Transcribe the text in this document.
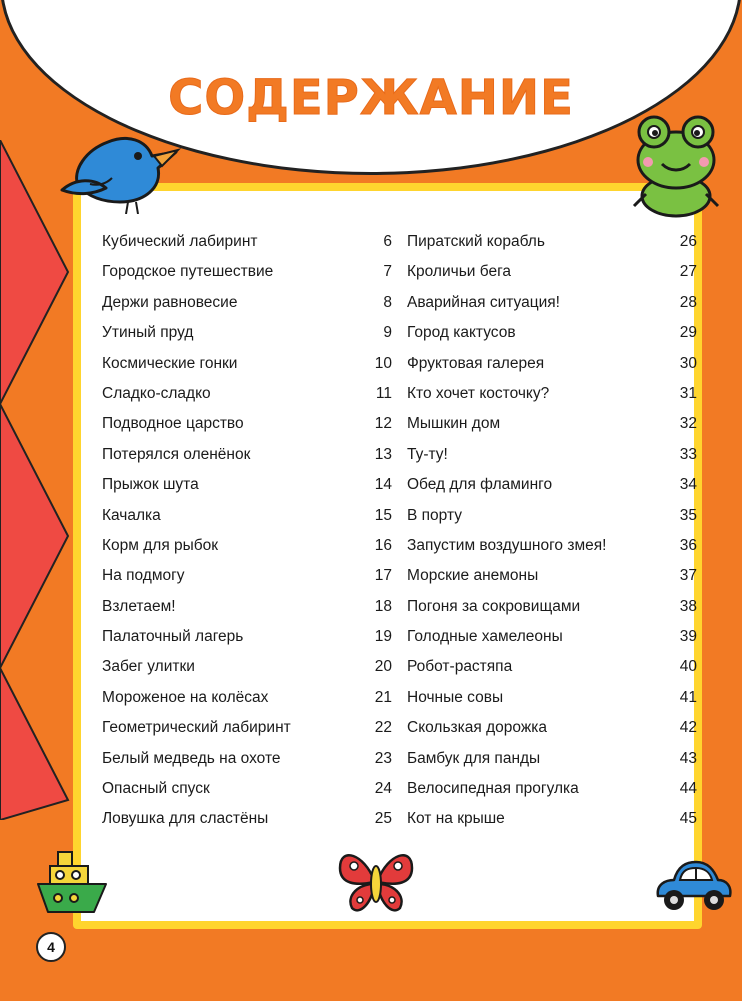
СОДЕРЖАНИЕ
Кубический лабиринт	6
Городское путешествие	7
Держи равновесие	8
Утиный пруд	9
Космические гонки	10
Сладко-сладко	11
Подводное царство	12
Потерялся оленёнок	13
Прыжок шута	14
Качалка	15
Корм для рыбок	16
На подмогу	17
Взлетаем!	18
Палаточный лагерь	19
Забег улитки	20
Мороженое на колёсах	21
Геометрический лабиринт	22
Белый медведь на охоте	23
Опасный спуск	24
Ловушка для сластёны	25
Пиратский корабль	26
Кроличьи бега	27
Аварийная ситуация!	28
Город кактусов	29
Фруктовая галерея	30
Кто хочет косточку?	31
Мышкин дом	32
Ту-ту!	33
Обед для фламинго	34
В порту	35
Запустим воздушного змея!	36
Морские анемоны	37
Погоня за сокровищами	38
Голодные хамелеоны	39
Робот-растяпа	40
Ночные совы	41
Скользкая дорожка	42
Бамбук для панды	43
Велосипедная прогулка	44
Кот на крыше	45
4
